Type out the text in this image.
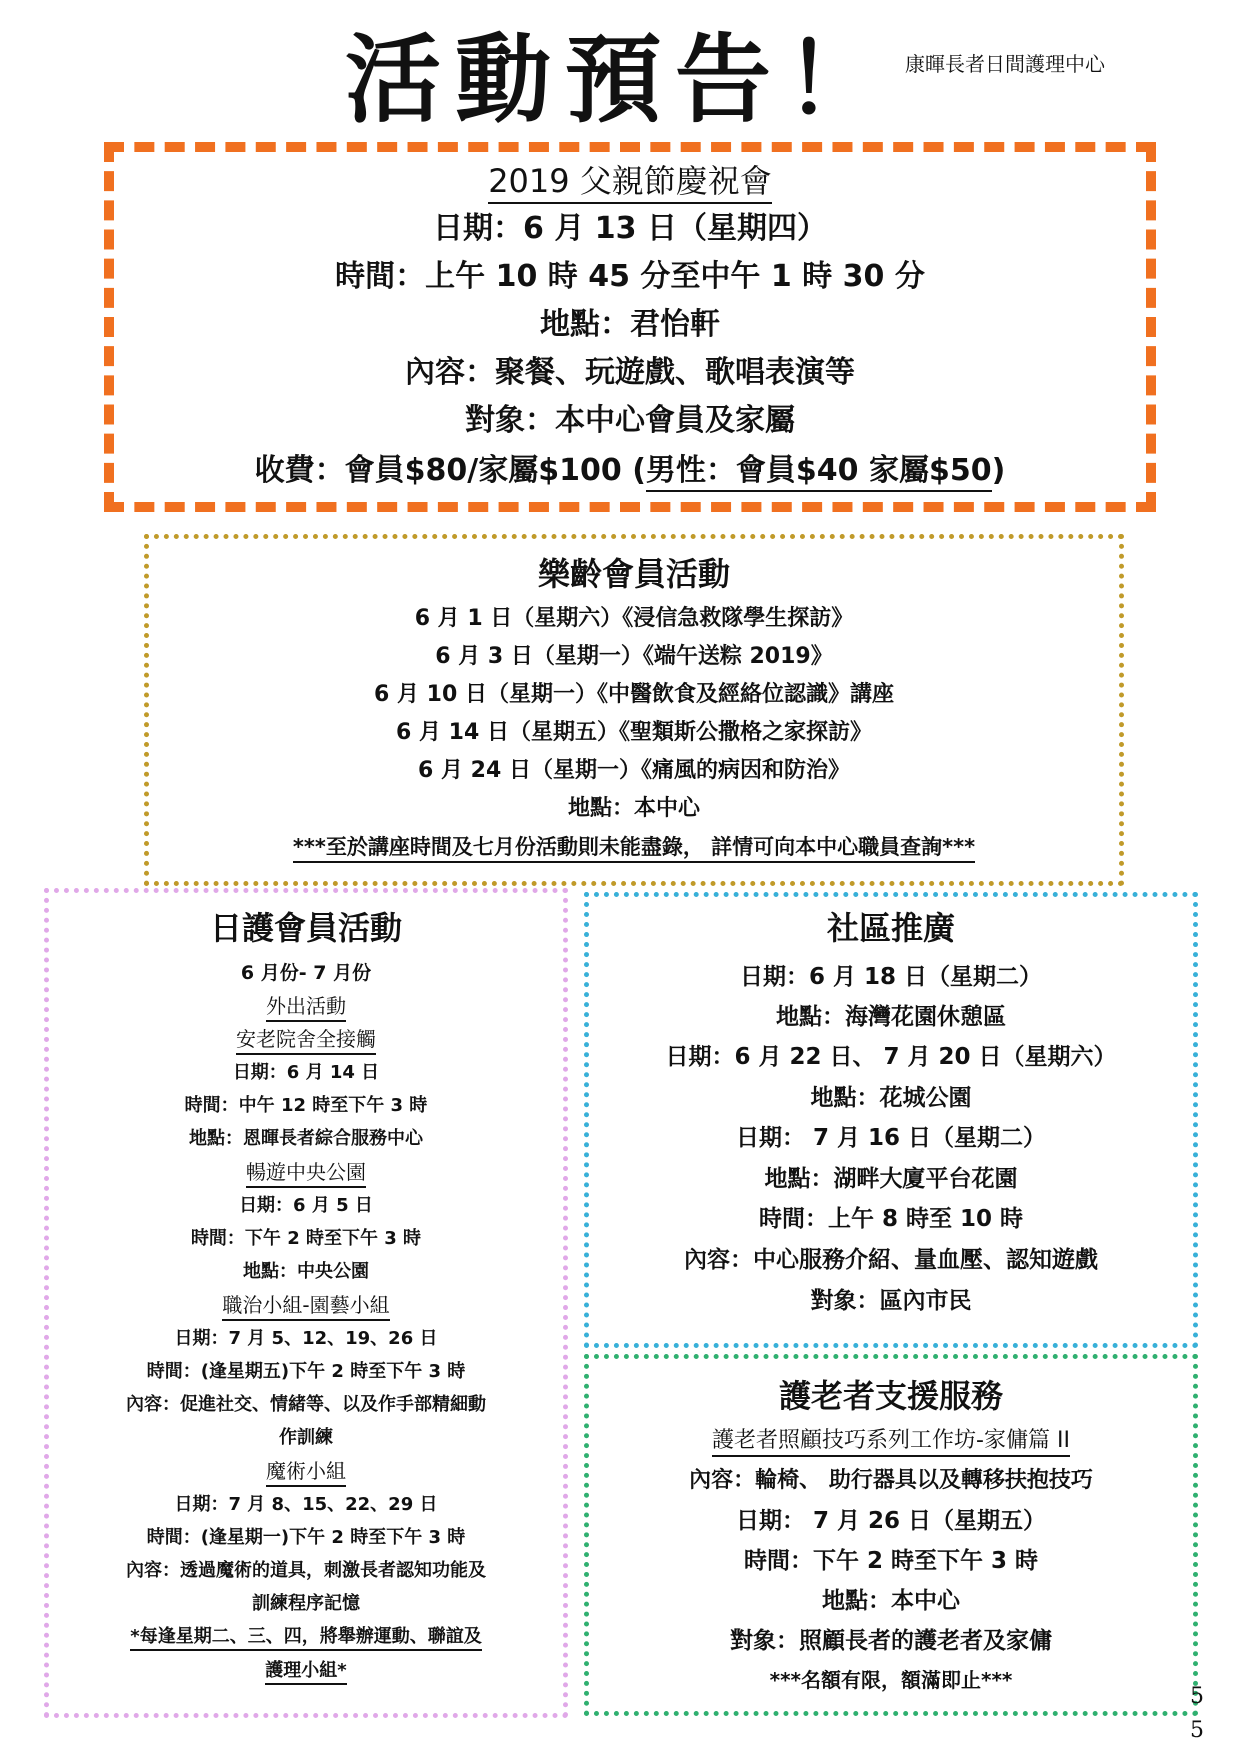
活動預告！ 康暉長者日間護理中心
2019 父親節慶祝會
日期：6 月 13 日（星期四）
時間：上午 10 時 45 分至中午 1 時 30 分
地點：君怡軒
內容：聚餐、玩遊戲、歌唱表演等
對象：本中心會員及家屬
收費：會員$80/家屬$100 (男性：會員$40 家屬$50)
樂齡會員活動
6 月 1 日（星期六）《浸信急救隊學生探訪》
6 月 3 日（星期一）《端午送粽 2019》
6 月 10 日（星期一）《中醫飲食及經絡位認識》講座
6 月 14 日（星期五）《聖類斯公撒格之家探訪》
6 月 24 日（星期一）《痛風的病因和防治》
地點：本中心
***至於講座時間及七月份活動則未能盡錄， 詳情可向本中心職員查詢***
日護會員活動
6 月份- 7 月份
外出活動
安老院舍全接觸
日期：6 月 14 日
時間：中午 12 時至下午 3 時
地點：恩暉長者綜合服務中心
暢遊中央公園
日期：6 月 5 日
時間：下午 2 時至下午 3 時
地點：中央公園
職治小組-園藝小組
日期：7 月 5、12、19、26 日
時間：(逢星期五)下午 2 時至下午 3 時
內容：促進社交、情緒等、以及作手部精細動
作訓練
魔術小組
日期：7 月 8、15、22、29 日
時間：(逢星期一)下午 2 時至下午 3 時
內容：透過魔術的道具，刺激長者認知功能及
訓練程序記憶
*每逢星期二、三、四，將舉辦運動、聯誼及
護理小組*
社區推廣
日期：6 月 18 日（星期二）
地點：海灣花園休憩區
日期：6 月 22 日、 7 月 20 日（星期六）
地點：花城公園
日期： 7 月 16 日（星期二）
地點：湖畔大廈平台花園
時間：上午 8 時至 10 時
內容：中心服務介紹、量血壓、認知遊戲
對象：區內市民
護老者支援服務
護老者照顧技巧系列工作坊-家傭篇 II
內容：輪椅、 助行器具以及轉移扶抱技巧
日期： 7 月 26 日（星期五）
時間：下午 2 時至下午 3 時
地點：本中心
對象：照顧長者的護老者及家傭
***名額有限，額滿即止***
5
5
